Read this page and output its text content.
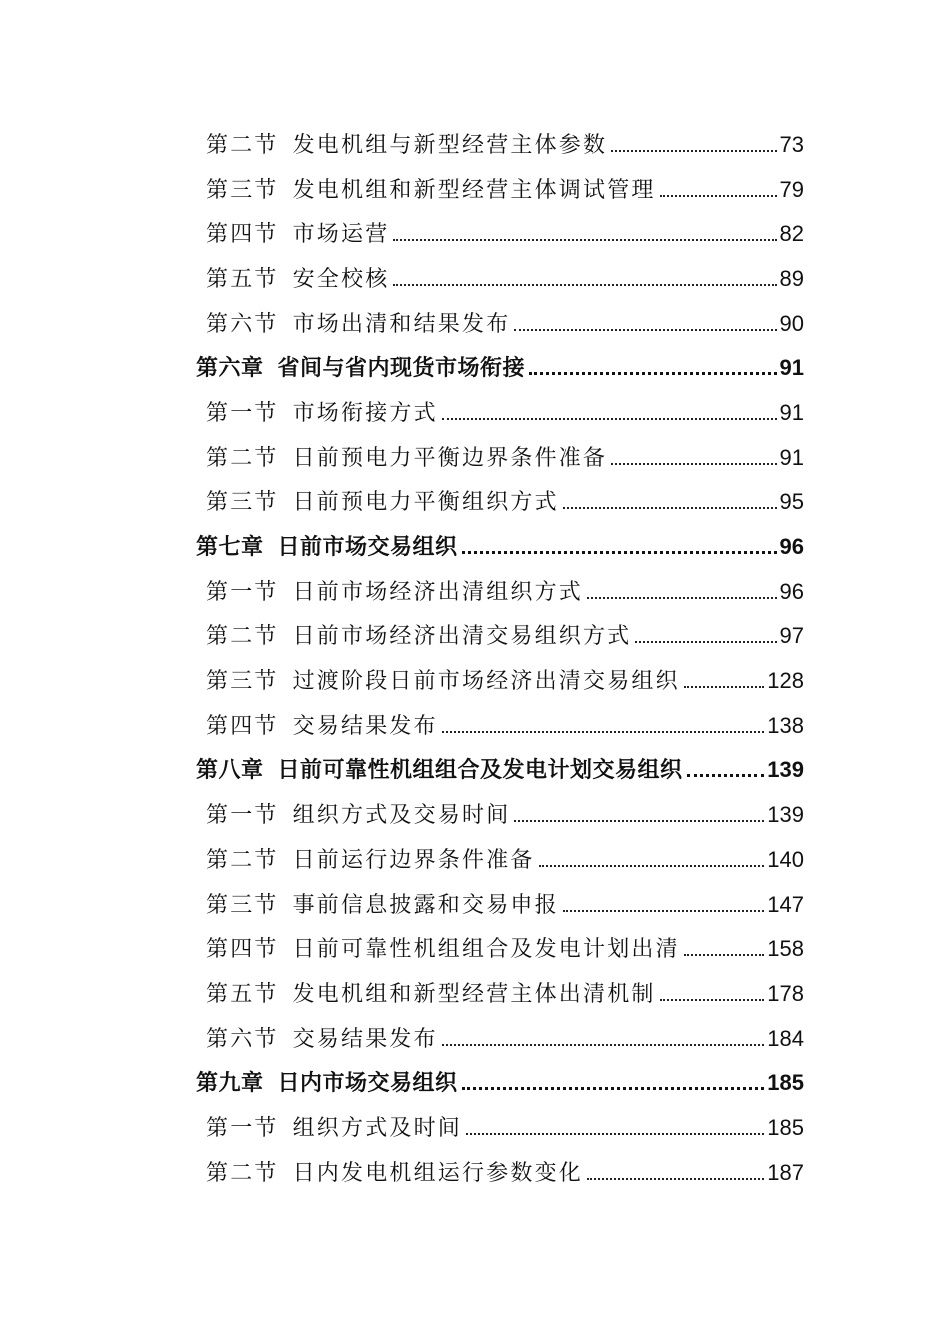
第二节 发电机组与新型经营主体参数	73
第三节 发电机组和新型经营主体调试管理	79
第四节 市场运营	82
第五节 安全校核	89
第六节 市场出清和结果发布	90
第六章 省间与省内现货市场衔接	91
第一节 市场衔接方式	91
第二节 日前预电力平衡边界条件准备	91
第三节 日前预电力平衡组织方式	95
第七章 日前市场交易组织	96
第一节 日前市场经济出清组织方式	96
第二节 日前市场经济出清交易组织方式	97
第三节 过渡阶段日前市场经济出清交易组织	128
第四节 交易结果发布	138
第八章 日前可靠性机组组合及发电计划交易组织	139
第一节 组织方式及交易时间	139
第二节 日前运行边界条件准备	140
第三节 事前信息披露和交易申报	147
第四节 日前可靠性机组组合及发电计划出清	158
第五节 发电机组和新型经营主体出清机制	178
第六节 交易结果发布	184
第九章 日内市场交易组织	185
第一节 组织方式及时间	185
第二节 日内发电机组运行参数变化	187
